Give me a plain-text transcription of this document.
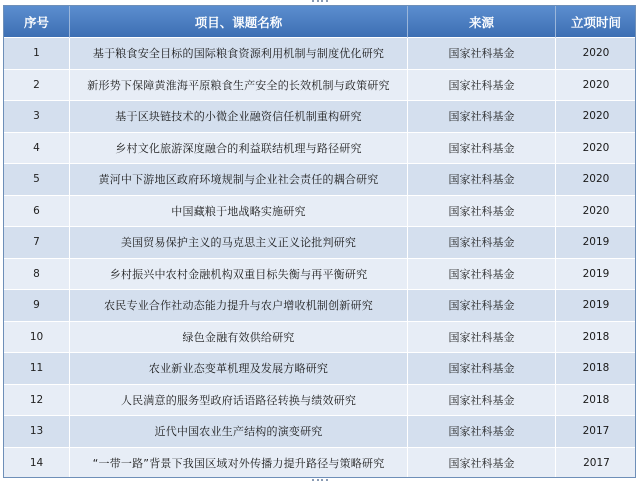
序号	项目、课题名称	来源	立项时间
1	基于粮食安全目标的国际粮食资源利用机制与制度优化研究	国家社科基金	2020
2	新形势下保障黄淮海平原粮食生产安全的长效机制与政策研究	国家社科基金	2020
3	基于区块链技术的小微企业融资信任机制重构研究	国家社科基金	2020
4	乡村文化旅游深度融合的利益联结机理与路径研究	国家社科基金	2020
5	黄河中下游地区政府环境规制与企业社会责任的耦合研究	国家社科基金	2020
6	中国藏粮于地战略实施研究	国家社科基金	2020
7	美国贸易保护主义的马克思主义正义论批判研究	国家社科基金	2019
8	乡村振兴中农村金融机构双重目标失衡与再平衡研究	国家社科基金	2019
9	农民专业合作社动态能力提升与农户增收机制创新研究	国家社科基金	2019
10	绿色金融有效供给研究	国家社科基金	2018
11	农业新业态变革机理及发展方略研究	国家社科基金	2018
12	人民满意的服务型政府话语路径转换与绩效研究	国家社科基金	2018
13	近代中国农业生产结构的演变研究	国家社科基金	2017
14	“一带一路”背景下我国区域对外传播力提升路径与策略研究	国家社科基金	2017
